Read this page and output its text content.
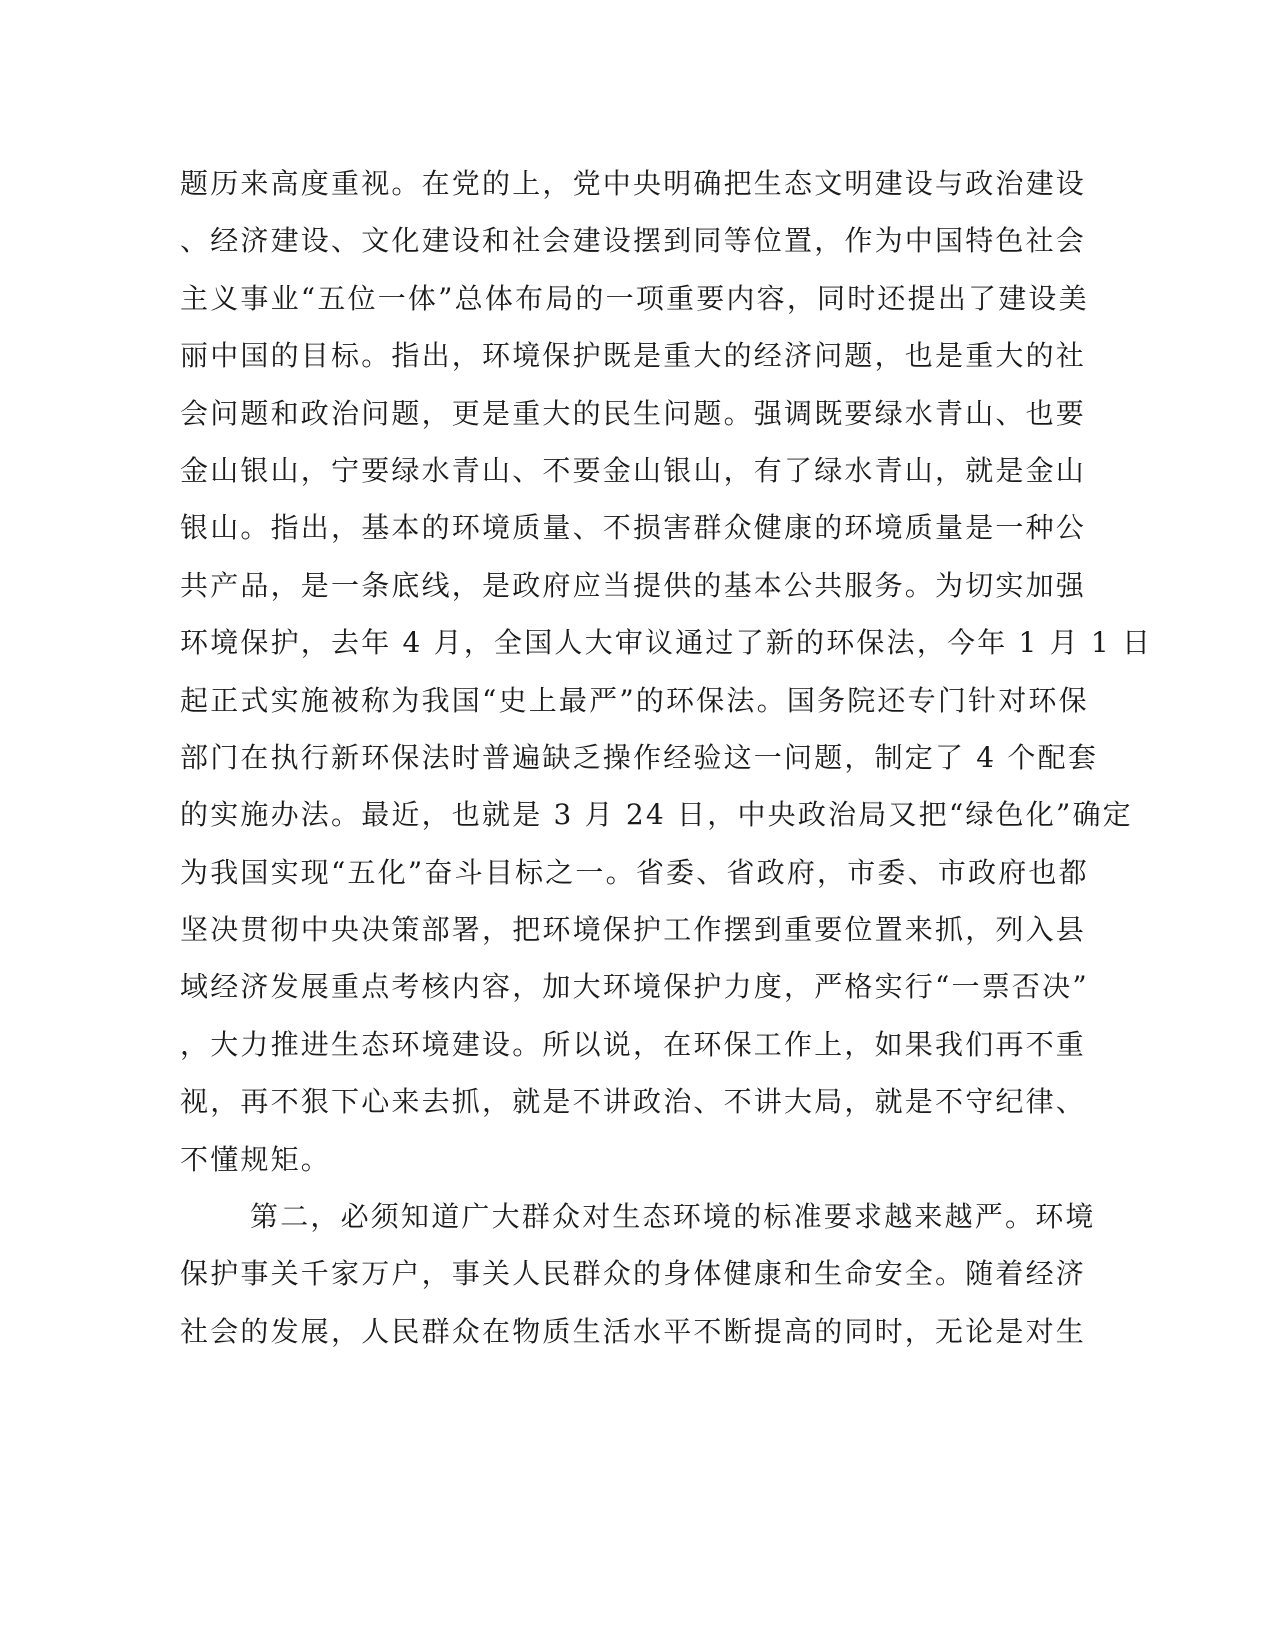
题历来高度重视。在党的上，党中央明确把生态文明建设与政治建设
、经济建设、文化建设和社会建设摆到同等位置，作为中国特色社会
主义事业“五位一体”总体布局的一项重要内容，同时还提出了建设美
丽中国的目标。指出，环境保护既是重大的经济问题，也是重大的社
会问题和政治问题，更是重大的民生问题。强调既要绿水青山、也要
金山银山，宁要绿水青山、不要金山银山，有了绿水青山，就是金山
银山。指出，基本的环境质量、不损害群众健康的环境质量是一种公
共产品，是一条底线，是政府应当提供的基本公共服务。为切实加强
环境保护，去年 4 月，全国人大审议通过了新的环保法，今年 1 月 1 日
起正式实施被称为我国“史上最严”的环保法。国务院还专门针对环保
部门在执行新环保法时普遍缺乏操作经验这一问题，制定了 4 个配套
的实施办法。最近，也就是 3 月 24 日，中央政治局又把“绿色化”确定
为我国实现“五化”奋斗目标之一。省委、省政府，市委、市政府也都
坚决贯彻中央决策部署，把环境保护工作摆到重要位置来抓，列入县
域经济发展重点考核内容，加大环境保护力度，严格实行“一票否决”
，大力推进生态环境建设。所以说，在环保工作上，如果我们再不重
视，再不狠下心来去抓，就是不讲政治、不讲大局，就是不守纪律、
不懂规矩。
第二，必须知道广大群众对生态环境的标准要求越来越严。环境
保护事关千家万户，事关人民群众的身体健康和生命安全。随着经济
社会的发展，人民群众在物质生活水平不断提高的同时，无论是对生
